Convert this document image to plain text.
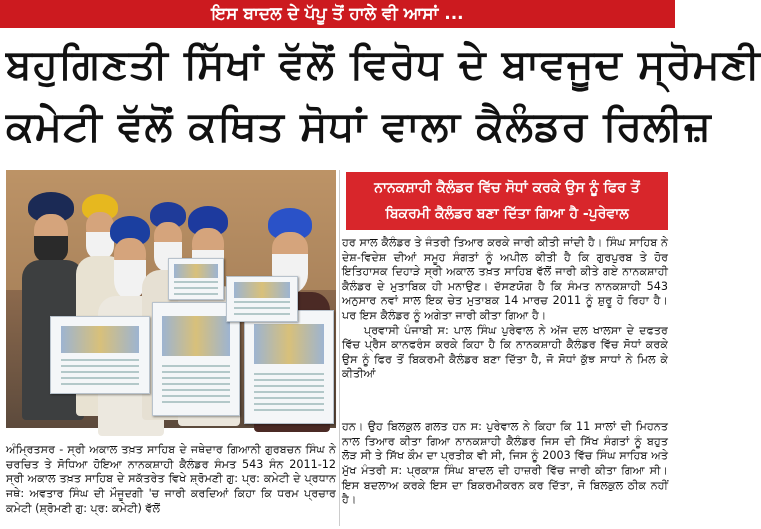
ਇਸ ਬਾਦਲ ਦੇ ਪੱਪੂ ਤੋਂ ਹਾਲੇ ਵੀ ਆਸਾਂ ...
ਬਹੁਗਿਣਤੀ ਸਿੱਖਾਂ ਵੱਲੋਂ ਵਿਰੋਧ ਦੇ ਬਾਵਜੂਦ ਸ੍ਰੋਮਣੀ
ਕਮੇਟੀ ਵੱਲੋਂ ਕਥਿਤ ਸੋਧਾਂ ਵਾਲਾ ਕੈਲੰਡਰ ਰਿਲੀਜ਼
ਨਾਨਕਸ਼ਾਹੀ ਕੈਲੰਡਰ ਵਿੱਚ ਸੋਧਾਂ ਕਰਕੇ ਉਸ ਨੂੰ ਫਿਰ ਤੋਂ
ਬਿਕਰਮੀ ਕੈਲੰਡਰ ਬਣਾ ਦਿੱਤਾ ਗਿਆ ਹੈ -ਪੁਰੇਵਾਲ

ਹਰ ਸਾਲ ਕੈਲੰਡਰ ਤੇ ਜੰਤਰੀ ਤਿਆਰ ਕਰਕੇ ਜਾਰੀ ਕੀਤੀ ਜਾਂਦੀ ਹੈ। ਸਿੰਘ ਸਾਹਿਬ ਨੇ ਦੇਸ਼-ਵਿਦੇਸ਼ ਦੀਆਂ ਸਮੂਹ ਸੰਗਤਾਂ ਨੂੰ ਅਪੀਲ ਕੀਤੀ ਹੈ ਕਿ ਗੁਰਪੁਰਬ ਤੇ ਹੋਰ ਇਤਿਹਾਸਕ ਦਿਹਾੜੇ ਸ੍ਰੀ ਅਕਾਲ ਤਖ਼ਤ ਸਾਹਿਬ ਵੱਲੋਂ ਜਾਰੀ ਕੀਤੇ ਗਏ ਨਾਨਕਸ਼ਾਹੀ ਕੈਲੰਡਰ ਦੇ ਮੁਤਾਬਿਕ ਹੀ ਮਨਾਉਣ। ਦੱਸਣਯੋਗ ਹੈ ਕਿ ਸੰਮਤ ਨਾਨਕਸ਼ਾਹੀ 543 ਅਨੁਸਾਰ ਨਵਾਂ ਸਾਲ ਇਕ ਚੇਤ ਮੁਤਾਬਕ 14 ਮਾਰਚ 2011 ਨੂੰ ਸ਼ੁਰੂ ਹੋ ਰਿਹਾ ਹੈ। ਪਰ ਇਸ ਕੈਲੰਡਰ ਨੂੰ ਅਗੇਤਾ ਜਾਰੀ ਕੀਤਾ ਗਿਆ ਹੈ।

ਪ੍ਰਵਾਸੀ ਪੰਜਾਬੀ ਸ: ਪਾਲ ਸਿੰਘ ਪੁਰੇਵਾਲ ਨੇ ਅੱਜ ਦਲ ਖਾਲਸਾ ਦੇ ਦਫਤਰ ਵਿੱਚ ਪ੍ਰੈਸ ਕਾਨਫਰੰਸ ਕਰਕੇ ਕਿਹਾ ਹੈ ਕਿ ਨਾਨਕਸ਼ਾਹੀ ਕੈਲੰਡਰ ਵਿੱਚ ਸੋਧਾਂ ਕਰਕੇ ਉਸ ਨੂੰ ਫਿਰ ਤੋਂ ਬਿਕਰਮੀ ਕੈਲੰਡਰ ਬਣਾ ਦਿੱਤਾ ਹੈ, ਜੋ ਸੋਧਾਂ ਕੁੱਝ ਸਾਧਾਂ ਨੇ ਮਿਲ ਕੇ ਕੀਤੀਆਂ

ਹਨ। ਉਹ ਬਿਲਕੁਲ ਗਲਤ ਹਨ ਸ: ਪੁਰੇਵਾਲ ਨੇ ਕਿਹਾ ਕਿ 11 ਸਾਲਾਂ ਦੀ ਮਿਹਨਤ ਨਾਲ ਤਿਆਰ ਕੀਤਾ ਗਿਆ ਨਾਨਕਸ਼ਾਹੀ ਕੈਲੰਡਰ ਜਿਸ ਦੀ ਸਿੱਖ ਸੰਗਤਾਂ ਨੂੰ ਬਹੁਤ ਲੋੜ ਸੀ ਤੇ ਸਿੱਖ ਕੌਮ ਦਾ ਪ੍ਰਤੀਕ ਵੀ ਸੀ, ਜਿਸ ਨੂੰ 2003 ਵਿੱਚ ਸਿੰਘ ਸਾਹਿਬ ਅਤੇ ਮੁੱਖ ਮੰਤਰੀ ਸ: ਪ੍ਰਕਾਸ਼ ਸਿੰਘ ਬਾਦਲ ਦੀ ਹਾਜ਼ਰੀ ਵਿੱਚ ਜਾਰੀ ਕੀਤਾ ਗਿਆ ਸੀ। ਇਸ ਬਦਲਾਅ ਕਰਕੇ ਇਸ ਦਾ ਬਿਕਰਮੀਕਰਨ ਕਰ ਦਿੱਤਾ, ਜੋ ਬਿਲਕੁਲ ਠੀਕ ਨਹੀਂ ਹੈ।

ਅੰਮ੍ਰਿਤਸਰ - ਸ੍ਰੀ ਅਕਾਲ ਤਖ਼ਤ ਸਾਹਿਬ ਦੇ ਜਥੇਦਾਰ ਗਿਆਨੀ ਗੁਰਬਚਨ ਸਿੰਘ ਨੇ ਚਰਚਿਤ ਤੇ ਸੋਧਿਆ ਹੋਇਆ ਨਾਨਕਸ਼ਾਹੀ ਕੈਲੰਡਰ ਸੰਮਤ 543 ਸੰਨ 2011-12 ਸ੍ਰੀ ਅਕਾਲ ਤਖ਼ਤ ਸਾਹਿਬ ਦੇ ਸਕੱਤਰੇਤ ਵਿਖੇ ਸ਼੍ਰੋਮਣੀ ਗੁ: ਪ੍ਰ: ਕਮੇਟੀ ਦੇ ਪ੍ਰਧਾਨ ਜਥੇ: ਅਵਤਾਰ ਸਿੰਘ ਦੀ ਮੌਜੂਦਗੀ 'ਚ ਜਾਰੀ ਕਰਦਿਆਂ ਕਿਹਾ ਕਿ ਧਰਮ ਪ੍ਰਚਾਰ ਕਮੇਟੀ (ਸ਼੍ਰੋਮਣੀ ਗੁ: ਪ੍ਰ: ਕਮੇਟੀ) ਵੱਲੋਂ
